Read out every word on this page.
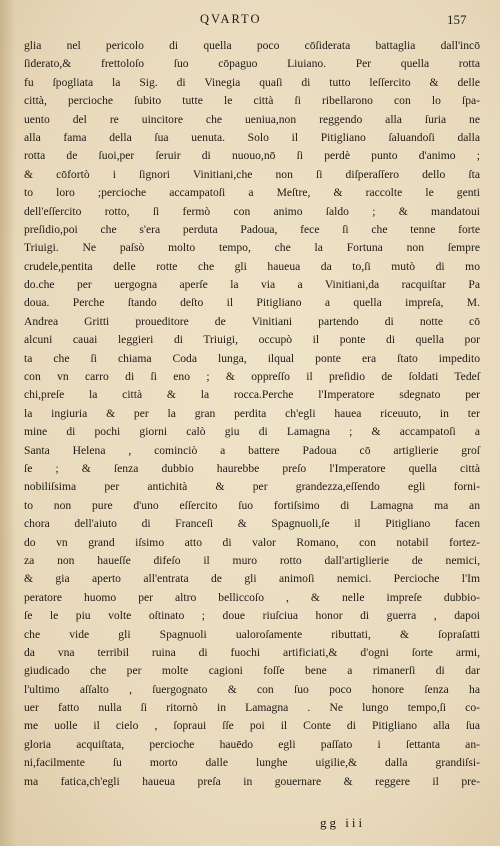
QVARTO	157
glia nel pericolo di quella poco cōſiderata battaglia dall'incō
ſiderato,& frettoloſo ſuo cōpaguo Liuiano. Per quella rotta
fu ſpogliata la Sig. di Vinegia quaſi di tutto leſſercito & delle
città, percioche ſubito tutte le città ſi ribellarono con lo ſpa-
uento del re uincitore che ueniua,non reggendo alla ſuria ne
alla fama della ſua uenuta. Solo il Pitigliano ſaluandoſi dalla
rotta de ſuoi,per ſeruir di nuouo,nō ſi perdè punto d'animo ;
& cōfortò i ſignori Vinitiani,che non ſi diſperaſſero dello ſta
to loro ;percioche accampatoſi a Meſtre, & raccolte le genti
dell'eſſercito rotto, ſi fermò con animo ſaldo ; & mandatoui
preſidio,poi che s'era perduta Padoua, fece ſi che tenne forte
Triuigi. Ne paſsò molto tempo, che la Fortuna non ſempre
crudele,pentita delle rotte che gli haueua da to,ſi mutò di mo
do.che per uergogna aperſe la via a Vinitiani,da racquiſtar Pa
doua. Perche ſtando deſto il Pitigliano a quella impreſa, M.
Andrea Gritti proueditore de Vinitiani partendo di notte cō
alcuni cauai leggieri di Triuigi, occupò il ponte di quella por
ta che ſi chiama Coda lunga, ilqual ponte era ſtato impedito
con vn carro di ſi eno ; & oppreſſo il preſidio de ſoldati Tedeſ
chi,preſe la città & la rocca.Perche l'Imperatore sdegnato per
la ingiuria & per la gran perdita ch'egli hauea riceuuto, in ter
mine di pochi giorni calò giu di Lamagna ; & accampatoſi a
Santa Helena , cominciò a battere Padoua cō artiglierie groſ
ſe ; & ſenza dubbio haurebbe preſo l'Imperatore quella città
nobiliſsima per antichità & per grandezza,eſſendo egli forni-
to non pure d'uno eſſercito ſuo fortiſsimo di Lamagna ma an
chora dell'aiuto di Franceſi & Spagnuoli,ſe il Pitigliano facen
do vn grand iſsimo atto di valor Romano, con notabil fortez-
za non haueſſe difeſo il muro rotto dall'artiglierie de nemici,
& gia aperto all'entrata de gli animoſi nemici. Percioche l'Im
peratore huomo per altro belliccoſo , & nelle impreſe dubbio-
ſe le piu volte oſtinato ; doue riuſciua honor di guerra , dapoi
che vide gli Spagnuoli ualoroſamente ributtati, & ſopraſatti
da vna terribil ruina di fuochi artificiati,& d'ogni ſorte armi,
giudicado che per molte cagioni foſſe bene a rimanerſi di dar
l'ultimo aſſalto , ſuergognato & con ſuo poco honore ſenza ha
uer fatto nulla ſi ritornò in Lamagna . Ne lungo tempo,ſi co-
me uolle il cielo , ſopraui ſſe poi il Conte di Pitigliano alla ſua
gloria acquiſtata, percioche hauēdo egli paſſato i ſettanta an-
ni,facilmente ſu morto dalle lunghe uigilie,& dalla grandiſsi-
ma fatica,ch'egli haueua preſa in gouernare & reggere il pre-
gg iii
